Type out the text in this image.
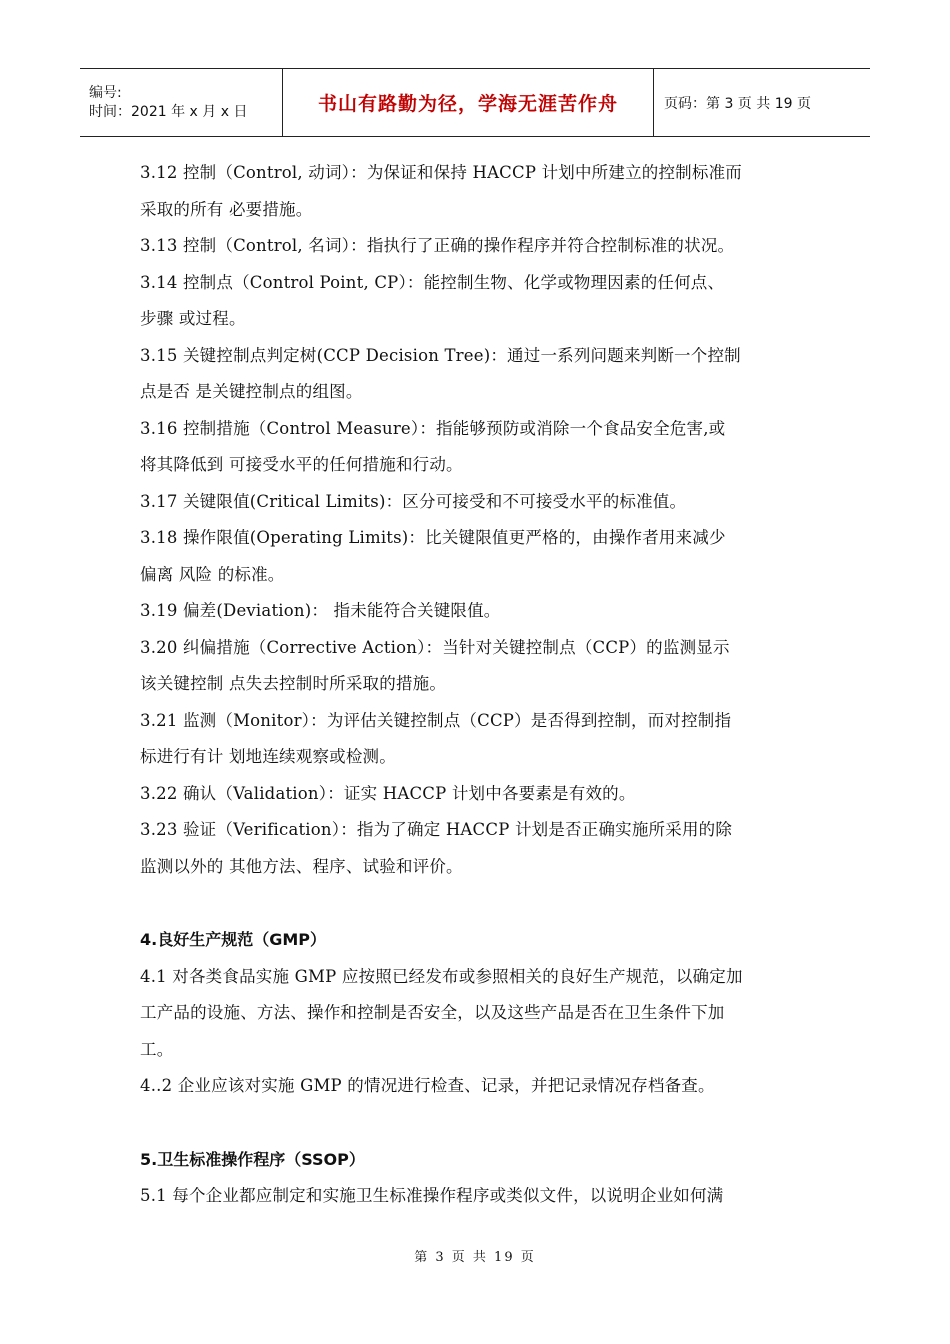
编号:
时间：2021 年 x 月 x 日	书山有路勤为径，学海无涯苦作舟	页码：第 3 页 共 19 页

3.12 控制（Control, 动词）：为保证和保持 HACCP 计划中所建立的控制标准而

采取的所有 必要措施。

3.13 控制（Control, 名词）：指执行了正确的操作程序并符合控制标准的状况。

3.14 控制点（Control Point, CP）：能控制生物、化学或物理因素的任何点、

步骤 或过程。

3.15 关键控制点判定树(CCP Decision Tree)：通过一系列问题来判断一个控制

点是否 是关键控制点的组图。

3.16 控制措施（Control Measure）：指能够预防或消除一个食品安全危害,或

将其降低到 可接受水平的任何措施和行动。

3.17 关键限值(Critical Limits)：区分可接受和不可接受水平的标准值。

3.18 操作限值(Operating Limits)：比关键限值更严格的，由操作者用来减少

偏离 风险 的标准。

3.19 偏差(Deviation)： 指未能符合关键限值。

3.20 纠偏措施（Corrective Action）：当针对关键控制点（CCP）的监测显示

该关键控制 点失去控制时所采取的措施。

3.21 监测（Monitor）：为评估关键控制点（CCP）是否得到控制，而对控制指

标进行有计 划地连续观察或检测。

3.22 确认（Validation）：证实 HACCP 计划中各要素是有效的。

3.23 验证（Verification）：指为了确定 HACCP 计划是否正确实施所采用的除

监测以外的 其他方法、程序、试验和评价。

4.良好生产规范（GMP）

4.1 对各类食品实施 GMP 应按照已经发布或参照相关的良好生产规范，以确定加

工产品的设施、方法、操作和控制是否安全，以及这些产品是否在卫生条件下加

工。

4..2 企业应该对实施 GMP 的情况进行检查、记录，并把记录情况存档备查。

5.卫生标准操作程序（SSOP）

5.1 每个企业都应制定和实施卫生标准操作程序或类似文件，以说明企业如何满

第 3 页 共 19 页
